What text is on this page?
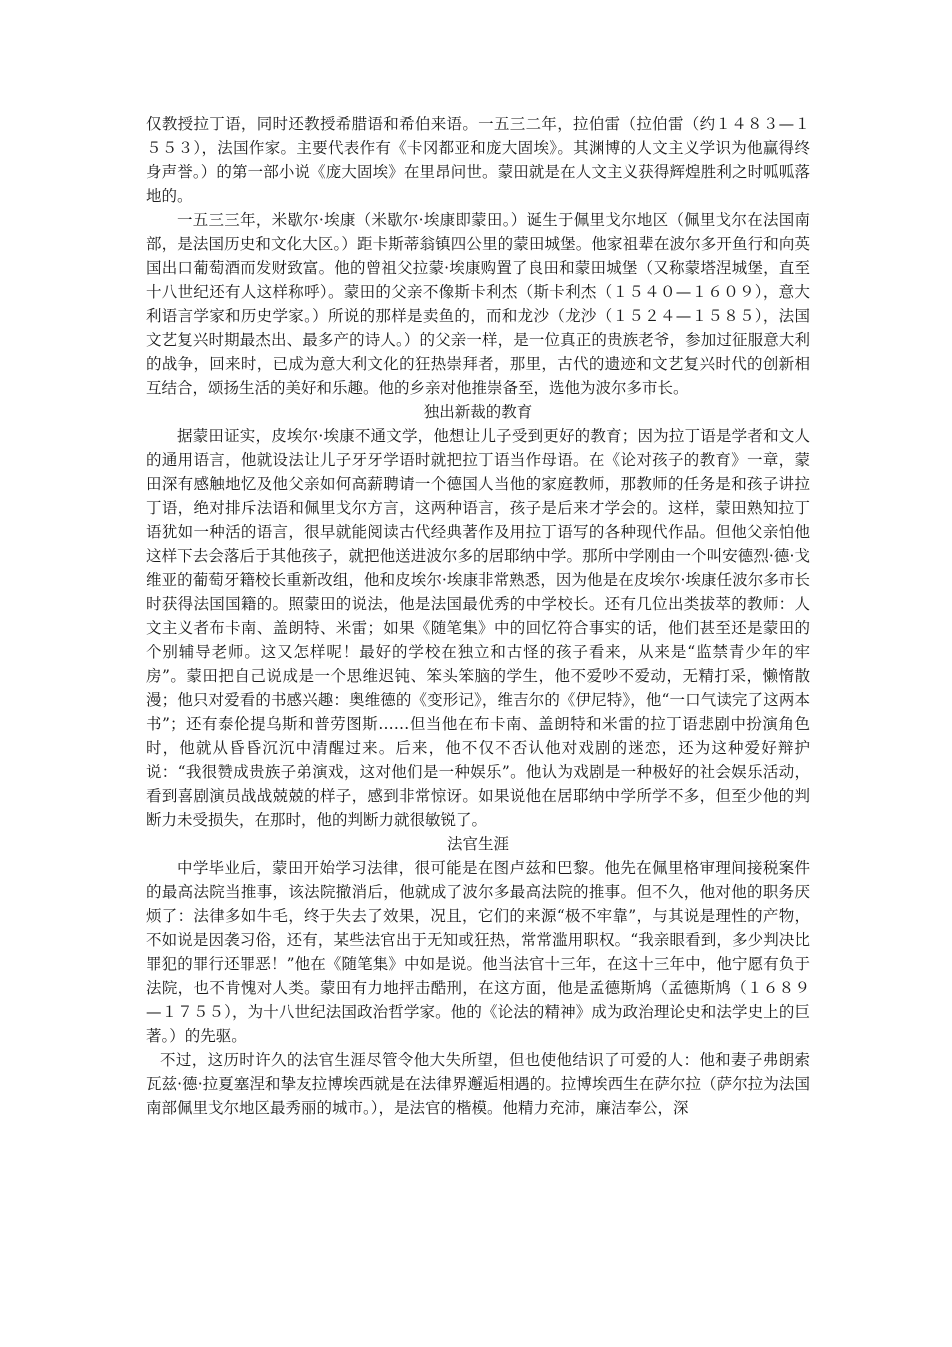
仅教授拉丁语，同时还教授希腊语和希伯来语。一五三二年，拉伯雷（拉伯雷（约１４８３—１５５３），法国作家。主要代表作有《卡冈都亚和庞大固埃》。其渊博的人文主义学识为他赢得终身声誉。）的第一部小说《庞大固埃》在里昂问世。蒙田就是在人文主义获得辉煌胜利之时呱呱落地的。

一五三三年，米歇尔·埃康（米歇尔·埃康即蒙田。）诞生于佩里戈尔地区（佩里戈尔在法国南部，是法国历史和文化大区。）距卡斯蒂翁镇四公里的蒙田城堡。他家祖辈在波尔多开鱼行和向英国出口葡萄酒而发财致富。他的曾祖父拉蒙·埃康购置了良田和蒙田城堡（又称蒙塔涅城堡，直至十八世纪还有人这样称呼）。蒙田的父亲不像斯卡利杰（斯卡利杰（１５４０—１６０９），意大利语言学家和历史学家。）所说的那样是卖鱼的，而和龙沙（龙沙（１５２４—１５８５），法国文艺复兴时期最杰出、最多产的诗人。）的父亲一样，是一位真正的贵族老爷，参加过征服意大利的战争，回来时，已成为意大利文化的狂热崇拜者，那里，古代的遗迹和文艺复兴时代的创新相互结合，颂扬生活的美好和乐趣。他的乡亲对他推崇备至，选他为波尔多市长。

独出新裁的教育

据蒙田证实，皮埃尔·埃康不通文学，他想让儿子受到更好的教育；因为拉丁语是学者和文人的通用语言，他就设法让儿子牙牙学语时就把拉丁语当作母语。在《论对孩子的教育》一章，蒙田深有感触地忆及他父亲如何高薪聘请一个德国人当他的家庭教师，那教师的任务是和孩子讲拉丁语，绝对排斥法语和佩里戈尔方言，这两种语言，孩子是后来才学会的。这样，蒙田熟知拉丁语犹如一种活的语言，很早就能阅读古代经典著作及用拉丁语写的各种现代作品。但他父亲怕他这样下去会落后于其他孩子，就把他送进波尔多的居耶纳中学。那所中学刚由一个叫安德烈·德·戈维亚的葡萄牙籍校长重新改组，他和皮埃尔·埃康非常熟悉，因为他是在皮埃尔·埃康任波尔多市长时获得法国国籍的。照蒙田的说法，他是法国最优秀的中学校长。还有几位出类拔萃的教师：人文主义者布卡南、盖朗特、米雷；如果《随笔集》中的回忆符合事实的话，他们甚至还是蒙田的个别辅导老师。这又怎样呢！最好的学校在独立和古怪的孩子看来，从来是“监禁青少年的牢房”。蒙田把自己说成是一个思维迟钝、笨头笨脑的学生，他不爱吵不爱动，无精打采，懒惰散漫；他只对爱看的书感兴趣：奥维德的《变形记》，维吉尔的《伊尼特》，他“一口气读完了这两本书”；还有泰伦提乌斯和普劳图斯……但当他在布卡南、盖朗特和米雷的拉丁语悲剧中扮演角色时，他就从昏昏沉沉中清醒过来。后来，他不仅不否认他对戏剧的迷恋，还为这种爱好辩护说：“我很赞成贵族子弟演戏，这对他们是一种娱乐”。他认为戏剧是一种极好的社会娱乐活动，看到喜剧演员战战兢兢的样子，感到非常惊讶。如果说他在居耶纳中学所学不多，但至少他的判断力未受损失，在那时，他的判断力就很敏锐了。

法官生涯

中学毕业后，蒙田开始学习法律，很可能是在图卢兹和巴黎。他先在佩里格审理间接税案件的最高法院当推事，该法院撤消后，他就成了波尔多最高法院的推事。但不久，他对他的职务厌烦了：法律多如牛毛，终于失去了效果，况且，它们的来源“极不牢靠”，与其说是理性的产物，不如说是因袭习俗，还有，某些法官出于无知或狂热，常常滥用职权。“我亲眼看到，多少判决比罪犯的罪行还罪恶！”他在《随笔集》中如是说。他当法官十三年，在这十三年中，他宁愿有负于法院，也不肯愧对人类。蒙田有力地抨击酷刑，在这方面，他是孟德斯鸠（孟德斯鸠（１６８９—１７５５），为十八世纪法国政治哲学家。他的《论法的精神》成为政治理论史和法学史上的巨著。）的先驱。

不过，这历时许久的法官生涯尽管令他大失所望，但也使他结识了可爱的人：他和妻子弗朗索瓦兹·德·拉夏塞涅和挚友拉博埃西就是在法律界邂逅相遇的。拉博埃西生在萨尔拉（萨尔拉为法国南部佩里戈尔地区最秀丽的城市。），是法官的楷模。他精力充沛，廉洁奉公，深
